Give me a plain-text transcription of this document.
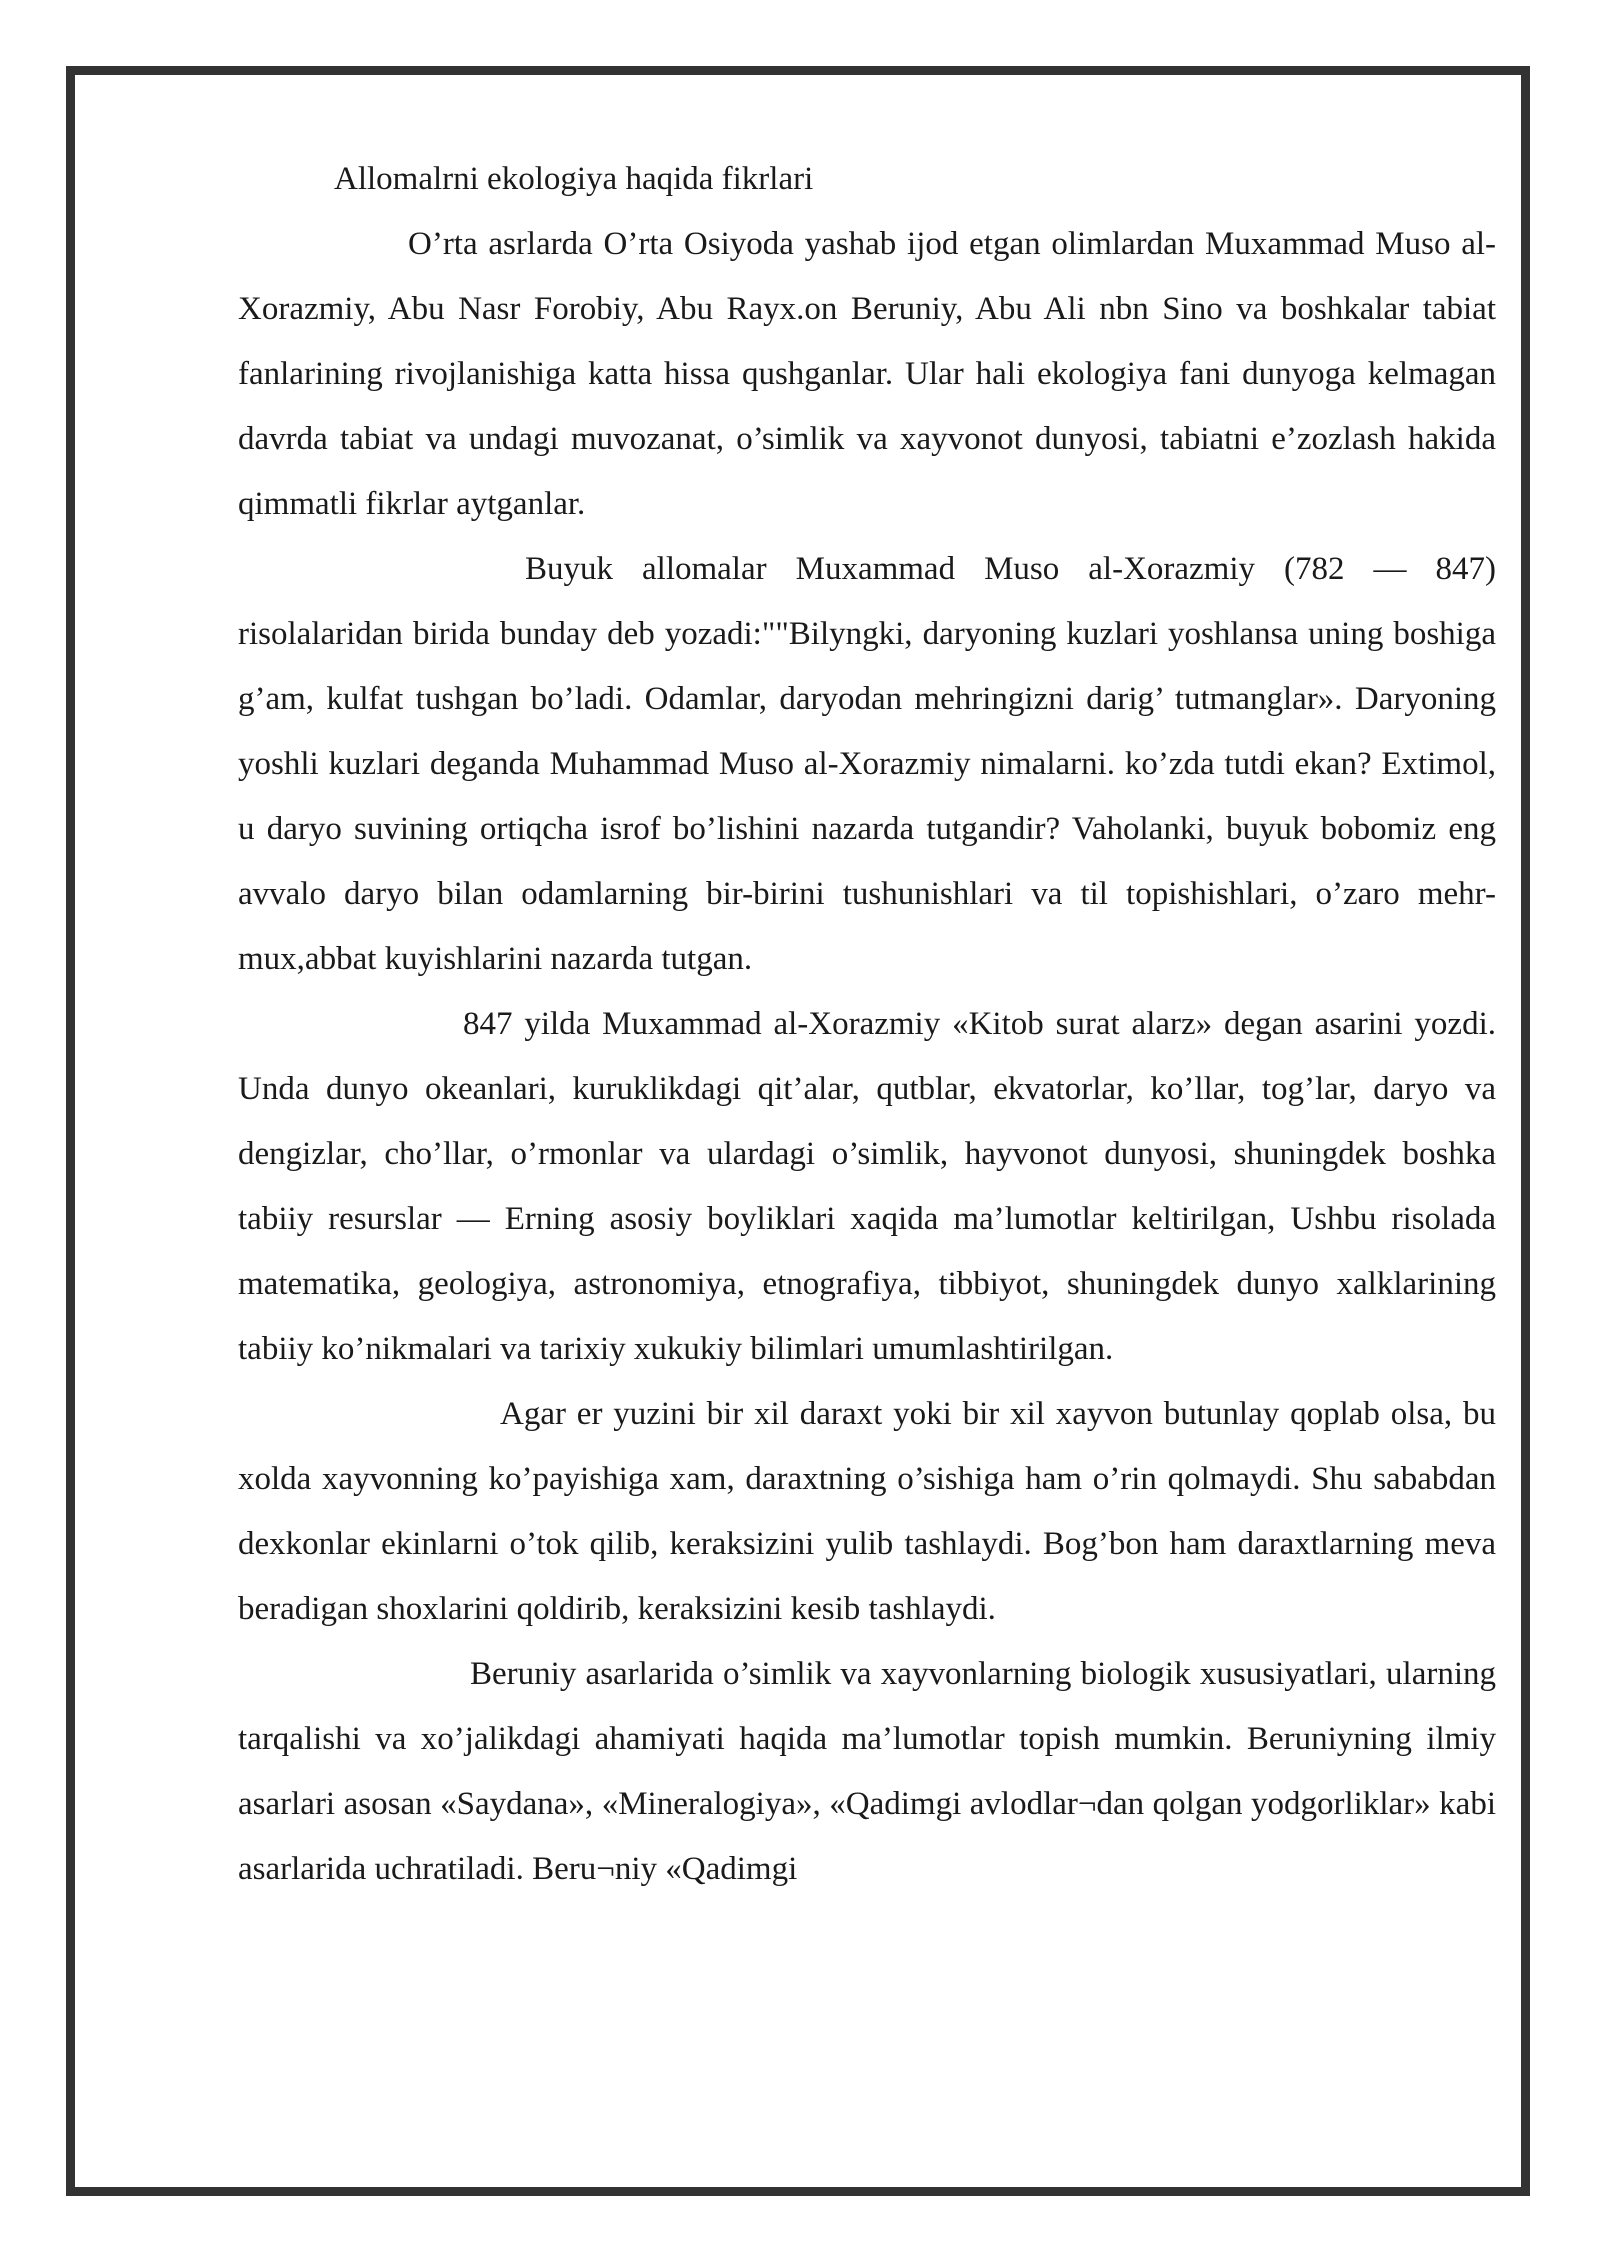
Allomalrni ekologiya haqida fikrlari

O’rta asrlarda O’rta Osiyoda yashab ijod etgan olimlardan Muxammad Muso al-Xorazmiy, Abu Nasr Forobiy, Abu Rayx.on Beruniy, Abu Ali nbn Sino va boshkalar tabiat fanlarining rivojlanishiga katta hissa qushganlar. Ular hali ekologiya fani dunyoga kelmagan davrda tabiat va undagi muvozanat, o’simlik va xayvonot dunyosi, tabiatni e’zozlash hakida qimmatli fikrlar aytganlar.

Buyuk allomalar Muxammad Muso al-Xorazmiy (782 — 847) risolalaridan birida bunday deb yozadi:""Bilyngki, daryoning kuzlari yoshlansa uning boshiga g’am, kulfat tushgan bo’ladi. Odamlar, daryodan mehringizni darig’ tutmanglar». Daryoning yoshli kuzlari deganda Muhammad Muso al-Xorazmiy nimalarni. ko’zda tutdi ekan? Extimol, u daryo suvining ortiqcha isrof bo’lishini nazarda tutgandir? Vaholanki, buyuk bobomiz eng avvalo daryo bilan odamlarning bir-birini tushunishlari va til topishishlari, o’zaro mehr-mux,abbat kuyishlarini nazarda tutgan.

847 yilda Muxammad al-Xorazmiy «Kitob surat alarz» degan asarini yozdi. Unda dunyo okeanlari, kuruklikdagi qit’alar, qutblar, ekvatorlar, ko’llar, tog’lar, daryo va dengizlar, cho’llar, o’rmonlar va ulardagi o’simlik, hayvonot dunyosi, shuningdek boshka tabiiy resurslar — Erning asosiy boyliklari xaqida ma’lumotlar keltirilgan, Ushbu risolada matematika, geologiya, astronomiya, etnografiya, tibbiyot, shuningdek dunyo xalklarining tabiiy ko’nikmalari va tarixiy xukukiy bilimlari umumlashtirilgan.

Agar er yuzini bir xil daraxt yoki bir xil xayvon butunlay qoplab olsa, bu xolda xayvonning ko’payishiga xam, daraxtning o’sishiga ham o’rin qolmaydi. Shu sababdan dexkonlar ekinlarni o’tok qilib, keraksizini yulib tashlaydi. Bog’bon ham daraxtlarning meva beradigan shoxlarini qoldirib, keraksizini kesib tashlaydi.

Beruniy asarlarida o’simlik va xayvonlarning biologik xususiyatlari, ularning tarqalishi va xo’jalikdagi ahamiyati haqida ma’lumotlar topish mumkin. Beruniyning ilmiy asarlari asosan «Saydana», «Mineralogiya», «Qadimgi avlodlar¬dan qolgan yodgorliklar» kabi asarlarida uchratiladi. Beru¬niy «Qadimgi
